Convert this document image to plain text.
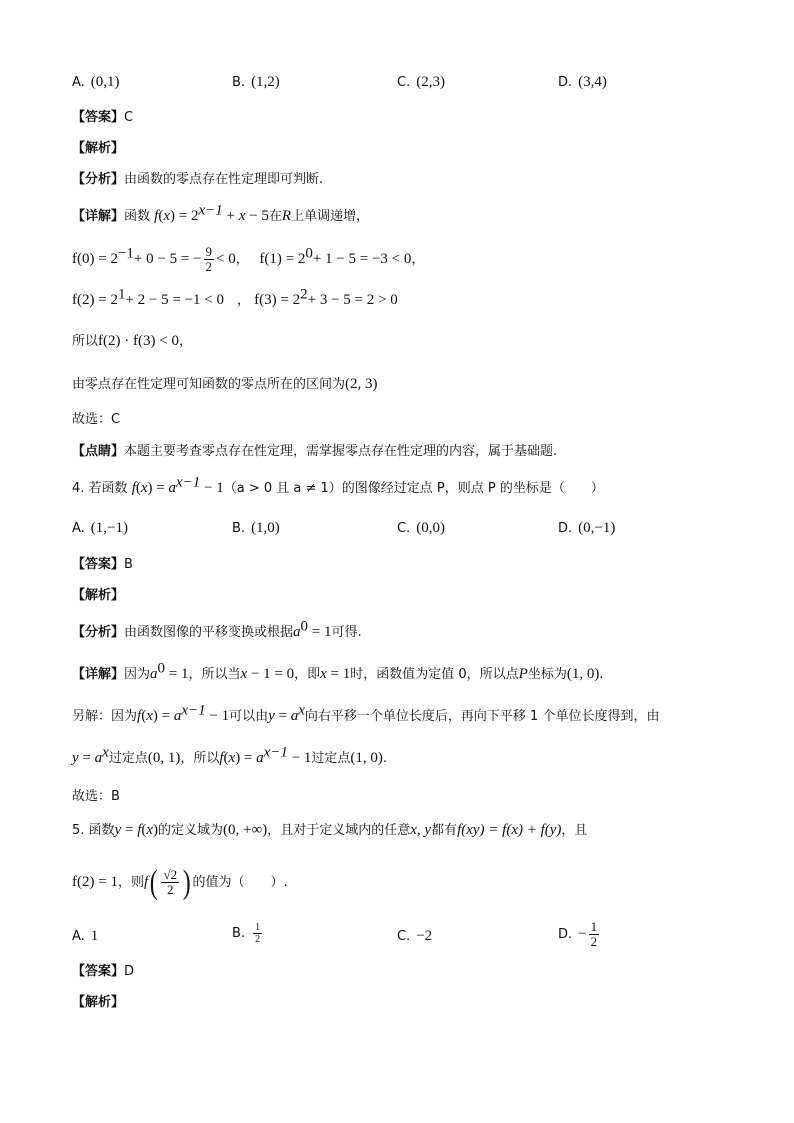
A. (0,1)	B. (1,2)	C. (2,3)	D. (3,4)
【答案】C
【解析】
【分析】由函数的零点存在性定理即可判断.
【详解】函数 $f(x) = 2^{x-1} + x - 5$在R上单调递增，
$f(0) = 2^{-1}+ 0 - 5$ = − $\frac{9}{2} < 0$，　 $f(1) = 2^0+ 1 - 5 = -3 < 0$，
$f(2) = 2^1+ 2 - 5 = -1 < 0$　， $f(3) = 2^2+ 3 - 5 = 2 > 0$
所以f(2) · f(3) < 0，
由零点存在性定理可知函数的零点所在的区间为(2, 3)
故选：C
【点睛】本题主要考查零点存在性定理，需掌握零点存在性定理的内容，属于基础题.
4. 若函数 $f(x) = a^{x-1} - 1(a > 0$ 且 a ≠ 1）的图像经过定点 P，则点 P 的坐标是（　　）
A. (1,−1)	B. (1,0)	C. (0,0)	D. (0,−1)
【答案】B
【解析】
【分析】由函数图像的平移变换或根据$a^0 = 1$可得.
【详解】因为$a^0 = 1$，所以当x − 1 = 0，即x = 1时，函数值为定值 0，所以点P坐标为(1, 0).
另解：因为$f(x) = a^{x-1} - 1$可以由$y = a^x$向右平移一个单位长度后，再向下平移 1 个单位长度得到，由
$y = a^x$过定点(0, 1)，所以$f(x) = a^{x-1} - 1$过定点(1, 0).
故选：B
5. 函数y = f(x)的定义域为(0, +∞)，且对于定义域内的任意x, y都有f(xy) = f(x) + f(y)，且
f(2) = 1，则$f( \frac{√2}{2}$ ) 的值为（　　）.
A. 1	B. $\frac{1}{2}$	C. −2	D. − $\frac{1}{2}$
【答案】D
【解析】
